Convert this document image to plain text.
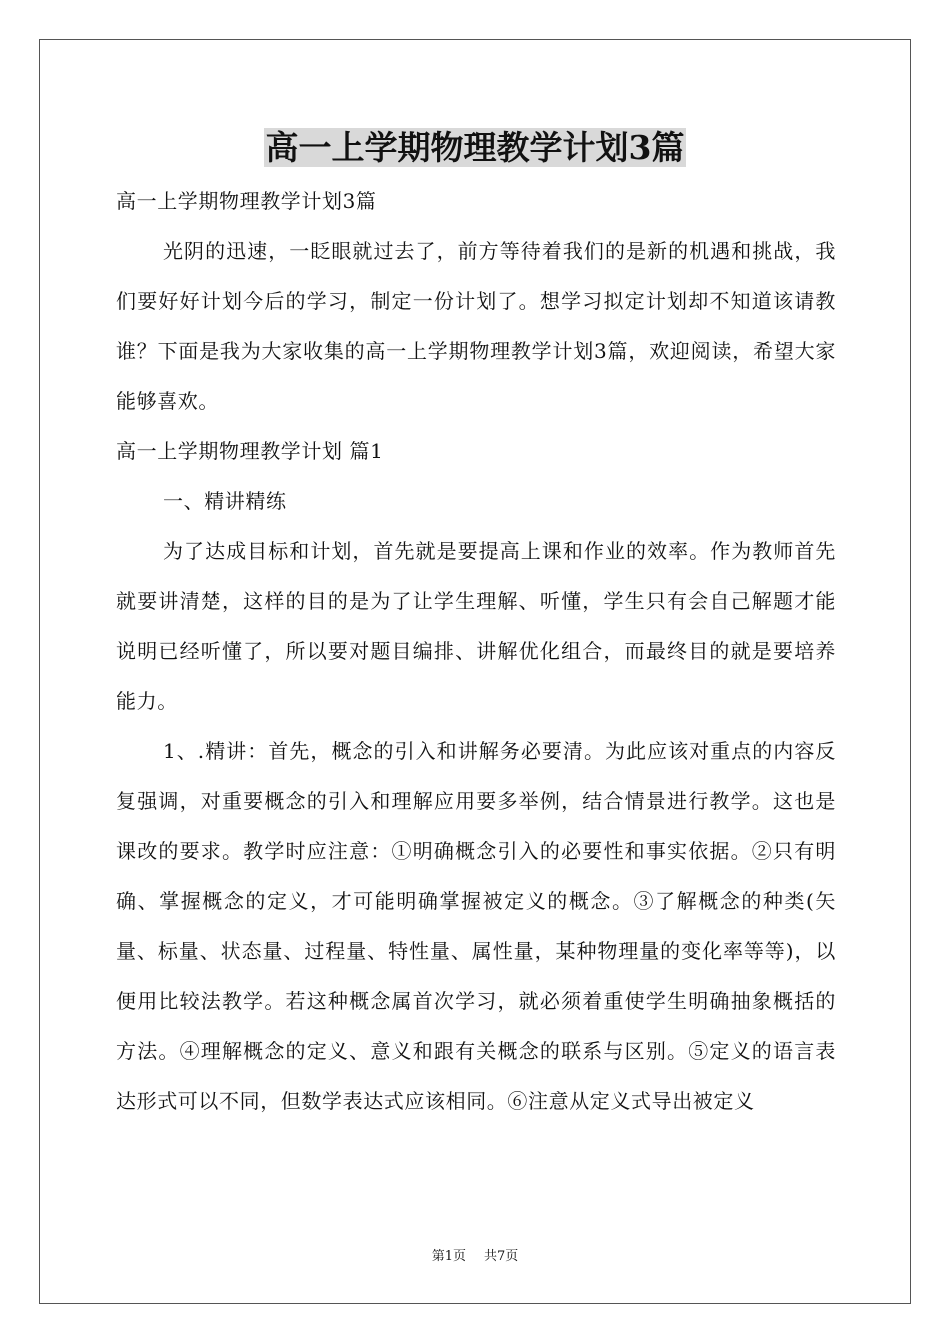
高一上学期物理教学计划3篇

高一上学期物理教学计划3篇

光阴的迅速，一眨眼就过去了，前方等待着我们的是新的机遇和挑战，我们要好好计划今后的学习，制定一份计划了。想学习拟定计划却不知道该请教谁？下面是我为大家收集的高一上学期物理教学计划3篇，欢迎阅读，希望大家能够喜欢。

高一上学期物理教学计划 篇1

一、精讲精练

为了达成目标和计划，首先就是要提高上课和作业的效率。作为教师首先就要讲清楚，这样的目的是为了让学生理解、听懂，学生只有会自己解题才能说明已经听懂了，所以要对题目编排、讲解优化组合，而最终目的就是要培养能力。

1、.精讲：首先，概念的引入和讲解务必要清。为此应该对重点的内容反复强调，对重要概念的引入和理解应用要多举例，结合情景进行教学。这也是课改的要求。教学时应注意：①明确概念引入的必要性和事实依据。②只有明确、掌握概念的定义，才可能明确掌握被定义的概念。③了解概念的种类(矢量、标量、状态量、过程量、特性量、属性量，某种物理量的变化率等等)，以便用比较法教学。若这种概念属首次学习，就必须着重使学生明确抽象概括的方法。④理解概念的定义、意义和跟有关概念的联系与区别。⑤定义的语言表达形式可以不同，但数学表达式应该相同。⑥注意从定义式导出被定义

第1页 共7页
